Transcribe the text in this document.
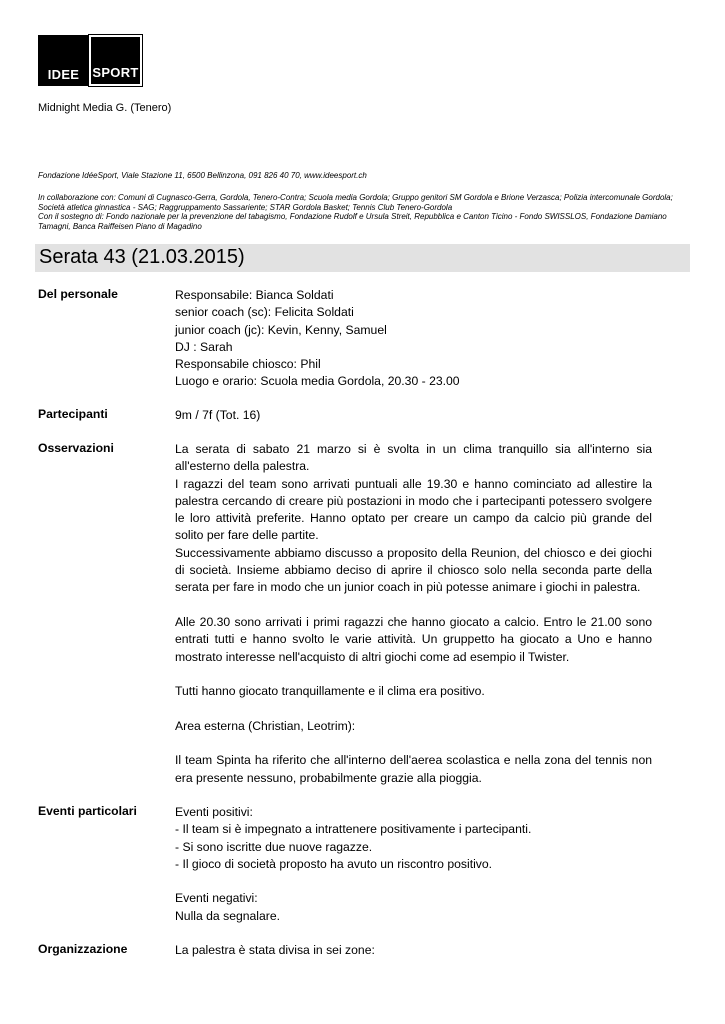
IDEE	SPORT
Midnight Media G. (Tenero)
Fondazione IdéeSport, Viale Stazione 11, 6500 Bellinzona, 091 826 40 70, www.ideesport.ch
In collaborazione con: Comuni di Cugnasco-Gerra, Gordola, Tenero-Contra; Scuola media Gordola; Gruppo genitori SM Gordola e Brione Verzasca; Polizia intercomunale Gordola; Società atletica ginnastica - SAG; Raggruppamento Sassariente; STAR Gordola Basket; Tennis Club Tenero-Gordola
Con il sostegno di: Fondo nazionale per la prevenzione del tabagismo, Fondazione Rudolf e Ursula Streit, Repubblica e Canton Ticino - Fondo SWISSLOS, Fondazione Damiano Tamagni, Banca Raiffeisen Piano di Magadino
Serata 43 (21.03.2015)
Del personale	Responsabile: Bianca Soldati
senior coach (sc): Felicita Soldati
junior coach (jc): Kevin, Kenny, Samuel
DJ : Sarah
Responsabile chiosco: Phil
Luogo e orario: Scuola media Gordola, 20.30 - 23.00
Partecipanti	9m / 7f (Tot. 16)
Osservazioni	La serata di sabato 21 marzo si è svolta in un clima tranquillo sia all'interno sia all'esterno della palestra.
I ragazzi del team sono arrivati puntuali alle 19.30 e hanno cominciato ad allestire la palestra cercando di creare più postazioni in modo che i partecipanti potessero svolgere le loro attività preferite. Hanno optato per creare un campo da calcio più grande del solito per fare delle partite.
Successivamente abbiamo discusso a proposito della Reunion, del chiosco e dei giochi di società. Insieme abbiamo deciso di aprire il chiosco solo nella seconda parte della serata per fare in modo che un junior coach in più potesse animare i giochi in palestra.
Alle 20.30 sono arrivati i primi ragazzi che hanno giocato a calcio. Entro le 21.00 sono entrati tutti e hanno svolto le varie attività. Un gruppetto ha giocato a Uno e hanno mostrato interesse nell'acquisto di altri giochi come ad esempio il Twister.
Tutti hanno giocato tranquillamente e il clima era positivo.
Area esterna (Christian, Leotrim):
Il team Spinta ha riferito che all'interno dell'aerea scolastica e nella zona del tennis non era presente nessuno, probabilmente grazie alla pioggia.
Eventi particolari	Eventi positivi:
- Il team si è impegnato a intrattenere positivamente i partecipanti.
- Si sono iscritte due nuove ragazze.
- Il gioco di società proposto ha avuto un riscontro positivo.
Eventi negativi:
Nulla da segnalare.
Organizzazione	La palestra è stata divisa in sei zone:
